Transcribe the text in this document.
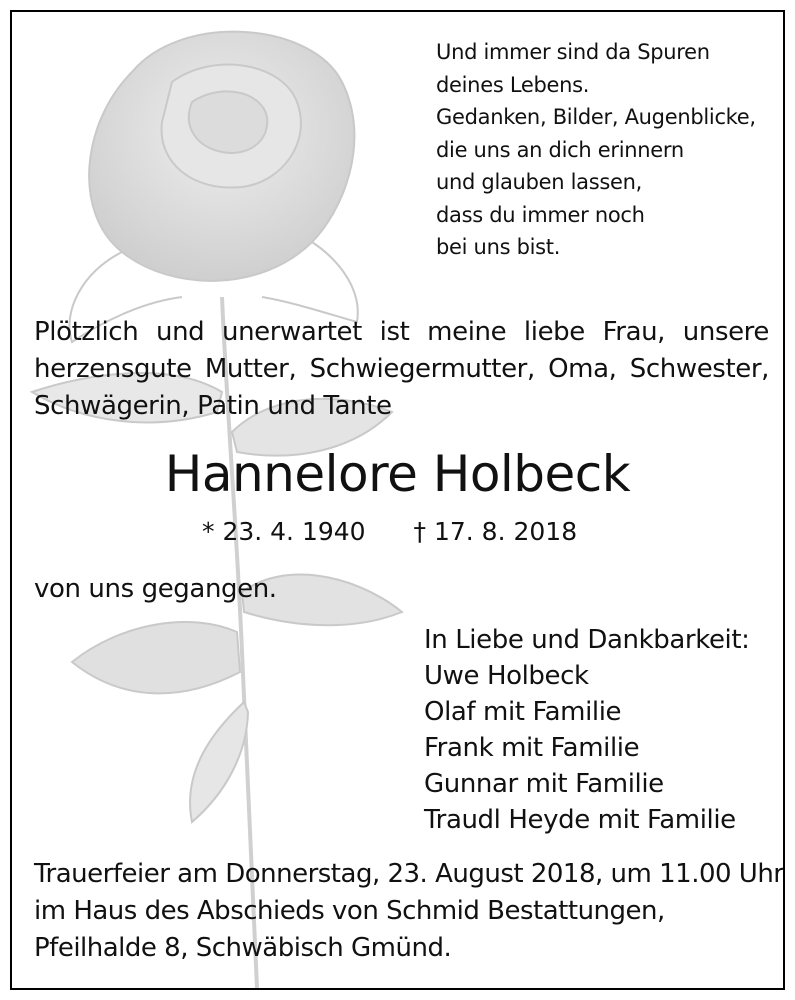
Und immer sind da Spuren
deines Lebens.
Gedanken, Bilder, Augenblicke,
die uns an dich erinnern
und glauben lassen,
dass du immer noch
bei uns bist.
Plötzlich und unerwartet ist meine liebe Frau, unsere
herzensgute Mutter, Schwiegermutter, Oma, Schwester,
Schwägerin, Patin und Tante
Hannelore Holbeck
* 23. 4. 1940 † 17. 8. 2018
von uns gegangen.
In Liebe und Dankbarkeit:
Uwe Holbeck
Olaf mit Familie
Frank mit Familie
Gunnar mit Familie
Traudl Heyde mit Familie
Trauerfeier am Donnerstag, 23. August 2018, um 11.00 Uhr
im Haus des Abschieds von Schmid Bestattungen,
Pfeilhalde 8, Schwäbisch Gmünd.
